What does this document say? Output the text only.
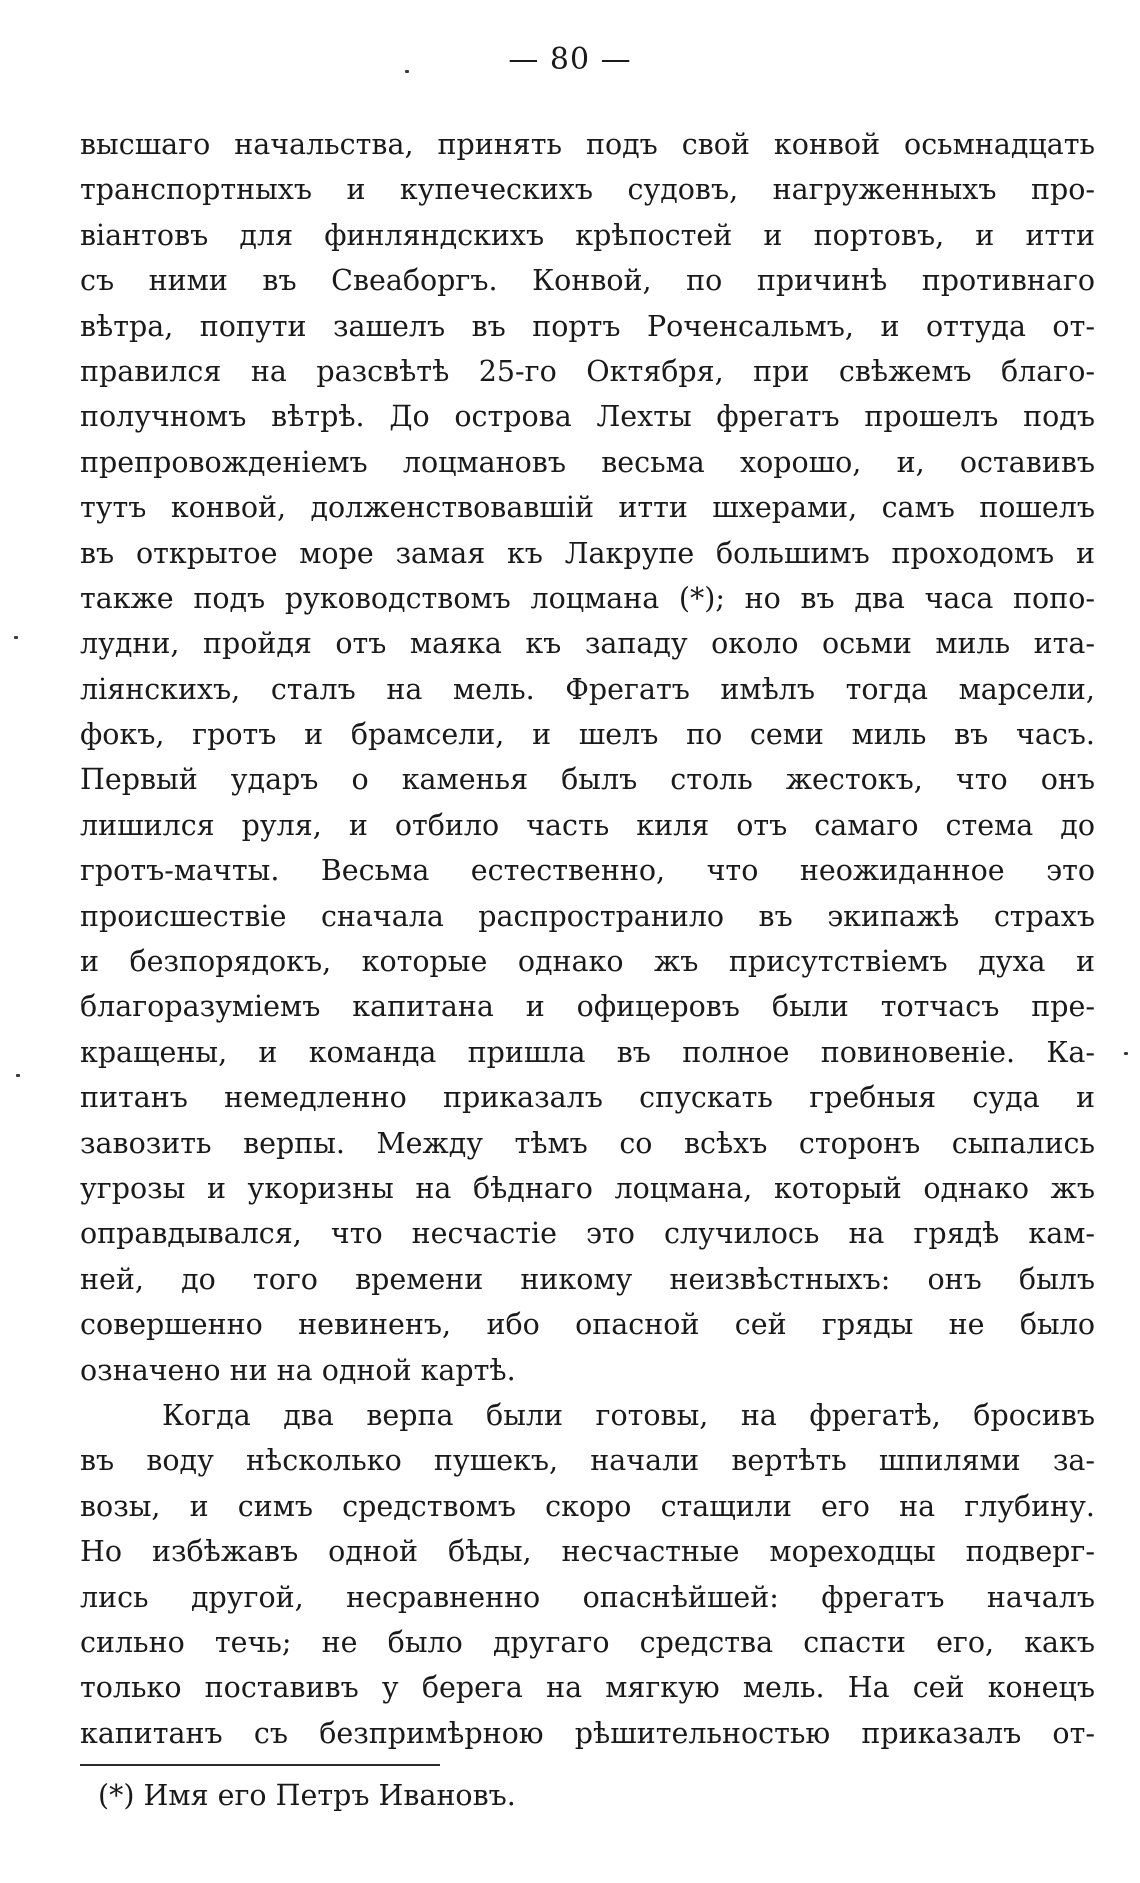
— 80 —
высшаго начальства, принять подъ свой конвой осьмнадцать
транспортныхъ и купеческихъ судовъ, нагруженныхъ про-
віантовъ для финляндскихъ крѣпостей и портовъ, и итти
съ ними въ Свеаборгъ. Конвой, по причинѣ противнаго
вѣтра, попути зашелъ въ портъ Роченсальмъ, и оттуда от-
правился на разсвѣтѣ 25-го Октября, при свѣжемъ благо-
получномъ вѣтрѣ. До острова Лехты фрегатъ прошелъ подъ
препровожденіемъ лоцмановъ весьма хорошо, и, оставивъ
тутъ конвой, долженствовавшій итти шхерами, самъ пошелъ
въ открытое море замая къ Лакрупе большимъ проходомъ и
также подъ руководствомъ лоцмана (*); но въ два часа попо-
лудни, пройдя отъ маяка къ западу около осьми миль ита-
ліянскихъ, сталъ на мель. Фрегатъ имѣлъ тогда марсели,
фокъ, гротъ и брамсели, и шелъ по семи миль въ часъ.
Первый ударъ о каменья былъ столь жестокъ, что онъ
лишился руля, и отбило часть киля отъ самаго стема до
гротъ-мачты. Весьма естественно, что неожиданное это
происшествіе сначала распространило въ экипажѣ страхъ
и безпорядокъ, которые однако жъ присутствіемъ духа и
благоразуміемъ капитана и офицеровъ были тотчасъ пре-
кращены, и команда пришла въ полное повиновеніе. Ка-
питанъ немедленно приказалъ спускать гребныя суда и
завозить верпы. Между тѣмъ со всѣхъ сторонъ сыпались
угрозы и укоризны на бѣднаго лоцмана, который однако жъ
оправдывался, что несчастіе это случилось на грядѣ кам-
ней, до того времени никому неизвѣстныхъ: онъ былъ
совершенно невиненъ, ибо опасной сей гряды не было
означено ни на одной картѣ.
Когда два верпа были готовы, на фрегатѣ, бросивъ
въ воду нѣсколько пушекъ, начали вертѣть шпилями за-
возы, и симъ средствомъ скоро стащили его на глубину.
Но избѣжавъ одной бѣды, несчастные мореходцы подверг-
лись другой, несравненно опаснѣйшей: фрегатъ началъ
сильно течь; не было другаго средства спасти его, какъ
только поставивъ у берега на мягкую мель. На сей конецъ
капитанъ съ безпримѣрною рѣшительностью приказалъ от-
(*) Имя его Петръ Ивановъ.
